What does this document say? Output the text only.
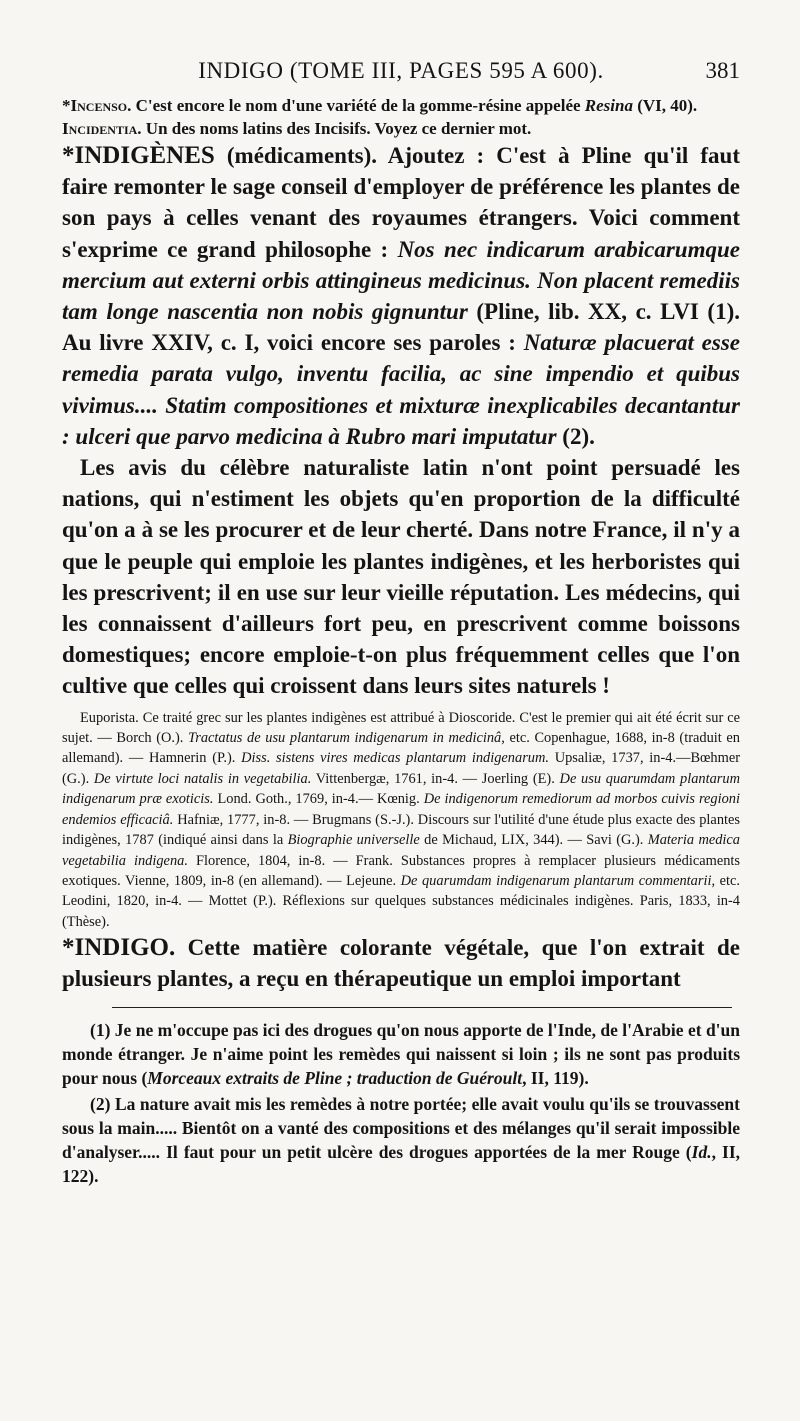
INDIGO (TOME III, PAGES 595 A 600).	381

*Incenso. C'est encore le nom d'une variété de la gomme-résine appelée Resina (VI, 40).

Incidentia. Un des noms latins des Incisifs. Voyez ce dernier mot.

*INDIGÈNES (médicaments). Ajoutez : C'est à Pline qu'il faut faire remonter le sage conseil d'employer de préférence les plantes de son pays à celles venant des royaumes étrangers. Voici comment s'exprime ce grand philosophe : Nos nec indicarum arabicarumque mercium aut externi orbis attingineus medicinus. Non placent remediis tam longe nascentia non nobis gignuntur (Pline, lib. XX, c. LVI (1). Au livre XXIV, c. I, voici encore ses paroles : Naturæ placuerat esse remedia parata vulgo, inventu facilia, ac sine impendio et quibus vivimus.... Statim compositiones et mixturæ inexplicabiles decantantur : ulceri que parvo medicina à Rubro mari imputatur (2).

Les avis du célèbre naturaliste latin n'ont point persuadé les nations, qui n'estiment les objets qu'en proportion de la difficulté qu'on a à se les procurer et de leur cherté. Dans notre France, il n'y a que le peuple qui emploie les plantes indigènes, et les herboristes qui les prescrivent; il en use sur leur vieille réputation. Les médecins, qui les connaissent d'ailleurs fort peu, en prescrivent comme boissons domestiques; encore emploie-t-on plus fréquemment celles que l'on cultive que celles qui croissent dans leurs sites naturels !

Euporista. Ce traité grec sur les plantes indigènes est attribué à Dioscoride. C'est le premier qui ait été écrit sur ce sujet. — Borch (O.). Tractatus de usu plantarum indigenarum in medicinâ, etc. Copenhague, 1688, in-8 (traduit en allemand). — Hamnerin (P.). Diss. sistens vires medicas plantarum indigenarum. Upsaliæ, 1737, in-4.—Bœhmer (G.). De virtute loci natalis in vegetabilia. Vittenbergæ, 1761, in-4. — Joerling (E). De usu quarumdam plantarum indigenarum præ exoticis. Lond. Goth., 1769, in-4.— Kœnig. De indigenorum remediorum ad morbos cuivis regioni endemios efficaciâ. Hafniæ, 1777, in-8. — Brugmans (S.-J.). Discours sur l'utilité d'une étude plus exacte des plantes indigènes, 1787 (indiqué ainsi dans la Biographie universelle de Michaud, LIX, 344). — Savi (G.). Materia medica vegetabilia indigena. Florence, 1804, in-8. — Frank. Substances propres à remplacer plusieurs médicaments exotiques. Vienne, 1809, in-8 (en allemand). — Lejeune. De quarumdam indigenarum plantarum commentarii, etc. Leodini, 1820, in-4. — Mottet (P.). Réflexions sur quelques substances médicinales indigènes. Paris, 1833, in-4 (Thèse).

*INDIGO. Cette matière colorante végétale, que l'on extrait de plusieurs plantes, a reçu en thérapeutique un emploi important

(1) Je ne m'occupe pas ici des drogues qu'on nous apporte de l'Inde, de l'Arabie et d'un monde étranger. Je n'aime point les remèdes qui naissent si loin ; ils ne sont pas produits pour nous (Morceaux extraits de Pline ; traduction de Guéroult, II, 119).

(2) La nature avait mis les remèdes à notre portée; elle avait voulu qu'ils se trouvassent sous la main..... Bientôt on a vanté des compositions et des mélanges qu'il serait impossible d'analyser..... Il faut pour un petit ulcère des drogues apportées de la mer Rouge (Id., II, 122).
